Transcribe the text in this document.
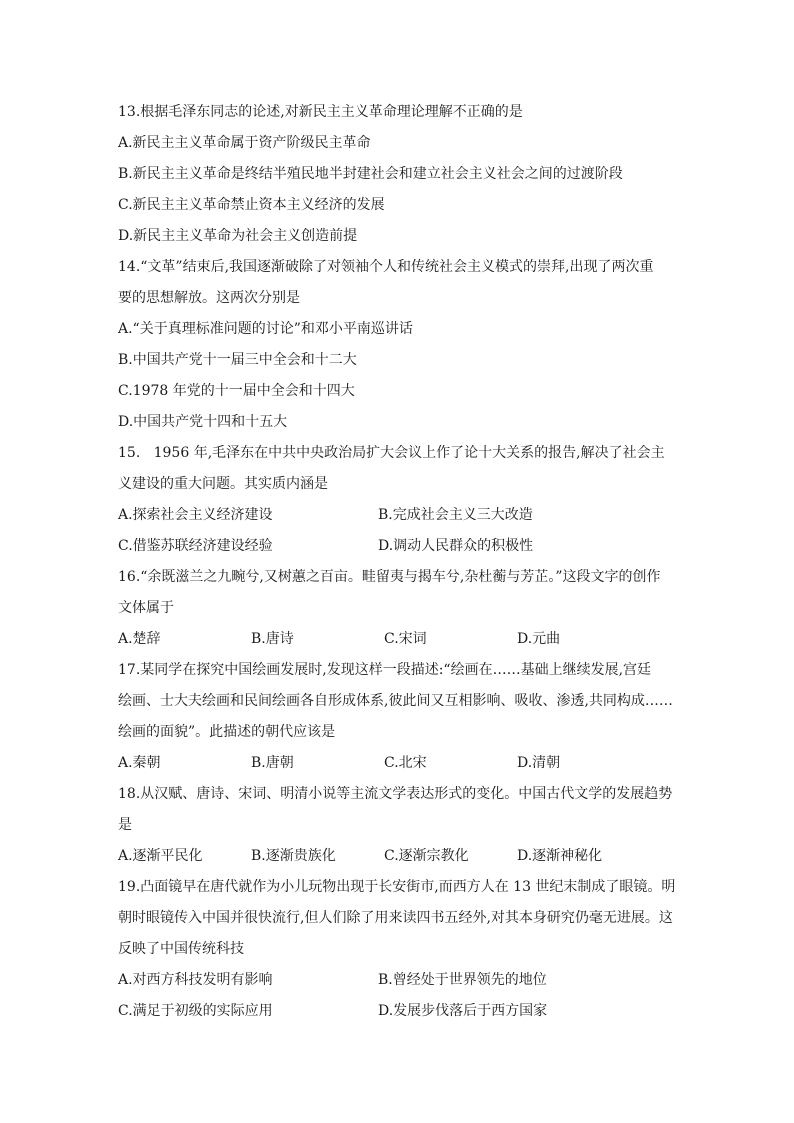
13.根据毛泽东同志的论述,对新民主主义革命理论理解不正确的是
A.新民主主义革命属于资产阶级民主革命
B.新民主主义革命是终结半殖民地半封建社会和建立社会主义社会之间的过渡阶段
C.新民主主义革命禁止资本主义经济的发展
D.新民主主义革命为社会主义创造前提
14.“文革”结束后,我国逐渐破除了对领袖个人和传统社会主义模式的崇拜,出现了两次重
要的思想解放。这两次分别是
A.“关于真理标准问题的讨论”和邓小平南巡讲话
B.中国共产党十一届三中全会和十二大
C.1978 年党的十一届中全会和十四大
D.中国共产党十四和十五大
15.   1956 年,毛泽东在中共中央政治局扩大会议上作了论十大关系的报告,解决了社会主
义建设的重大问题。其实质内涵是
A.探索社会主义经济建设	B.完成社会主义三大改造
C.借鉴苏联经济建设经验	D.调动人民群众的积极性
16.“余既滋兰之九畹兮,又树蕙之百亩。畦留夷与揭车兮,杂杜蘅与芳芷。”这段文字的创作
文体属于
A.楚辞	B.唐诗	C.宋词	D.元曲
17.某同学在探究中国绘画发展时,发现这样一段描述:“绘画在……基础上继续发展,宫廷
绘画、士大夫绘画和民间绘画各自形成体系,彼此间又互相影响、吸收、渗透,共同构成……
绘画的面貌”。此描述的朝代应该是
A.秦朝	B.唐朝	C.北宋	D.清朝
18.从汉赋、唐诗、宋词、明清小说等主流文学表达形式的变化。中国古代文学的发展趋势
是
A.逐渐平民化	B.逐渐贵族化	C.逐渐宗教化	D.逐渐神秘化
19.凸面镜早在唐代就作为小儿玩物出现于长安街市,而西方人在 13 世纪末制成了眼镜。明
朝时眼镜传入中国并很快流行,但人们除了用来读四书五经外,对其本身研究仍毫无进展。这
反映了中国传统科技
A.对西方科技发明有影响	B.曾经处于世界领先的地位
C.满足于初级的实际应用	D.发展步伐落后于西方国家
